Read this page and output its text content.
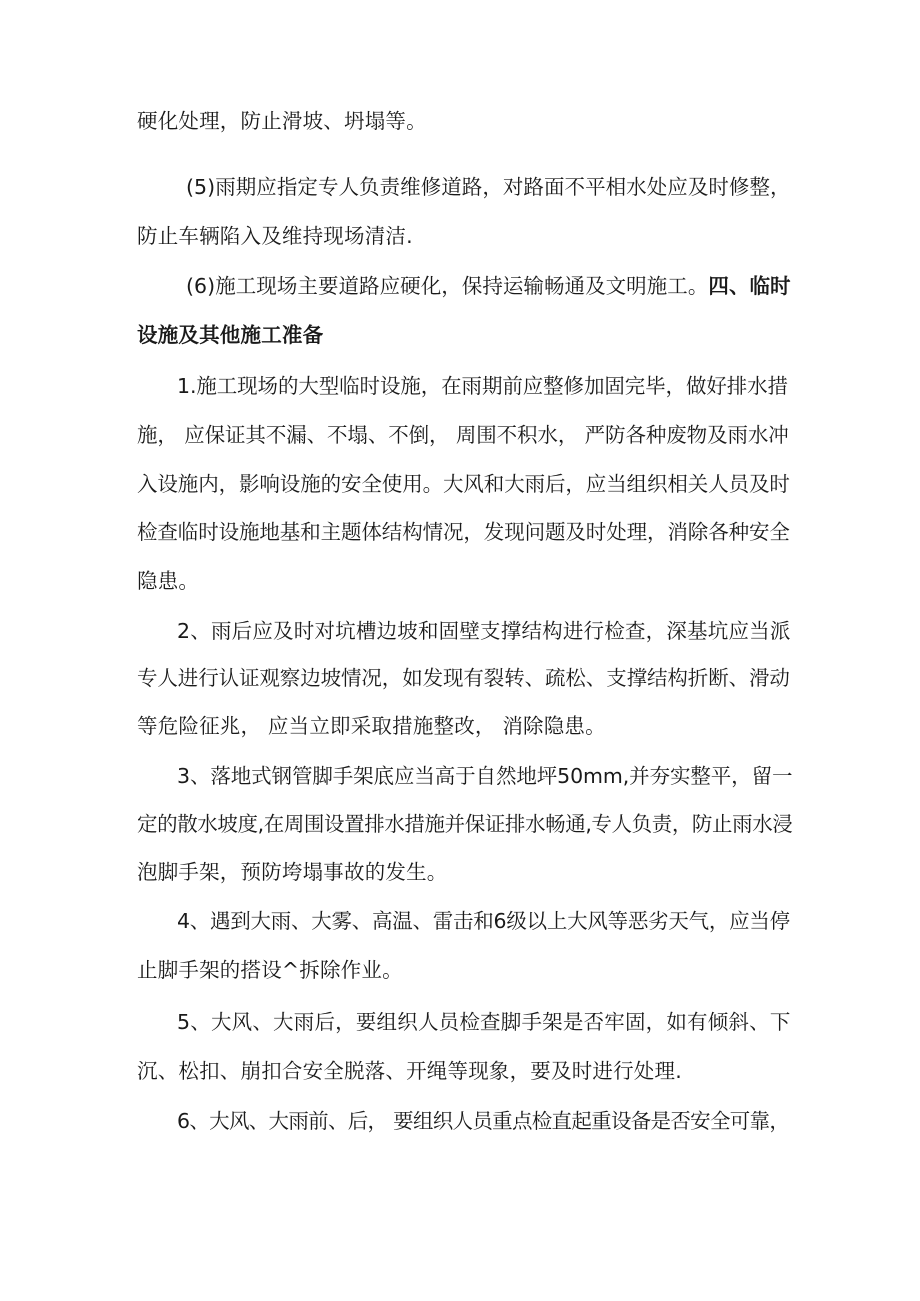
硬化处理，防止滑坡、坍塌等。
(5)雨期应指定专人负责维修道路，对路面不平相水处应及时修整，
防止车辆陷入及维持现场清洁.
(6)施工现场主要道路应硬化，保持运输畅通及文明施工。四、临时
设施及其他施工准备
1.施工现场的大型临时设施，在雨期前应整修加固完毕，做好排水措
施， 应保证其不漏、不塌、不倒， 周围不积水， 严防各种废物及雨水冲
入设施内，影响设施的安全使用。大风和大雨后，应当组织相关人员及时
检查临时设施地基和主题体结构情况，发现问题及时处理，消除各种安全
隐患。
2、雨后应及时对坑槽边坡和固壁支撑结构进行检查，深基坑应当派
专人进行认证观察边坡情况，如发现有裂转、疏松、支撑结构折断、滑动
等危险征兆， 应当立即采取措施整改， 消除隐患。
3、落地式钢管脚手架底应当高于自然地坪50mm,并夯实整平，留一
定的散水坡度,在周围设置排水措施并保证排水畅通,专人负责，防止雨水浸
泡脚手架，预防垮塌事故的发生。
4、遇到大雨、大雾、高温、雷击和6级以上大风等恶劣天气，应当停
止脚手架的搭设^拆除作业。
5、大风、大雨后，要组织人员检查脚手架是否牢固，如有倾斜、下
沉、松扣、崩扣合安全脱落、开绳等现象，要及时进行处理.
6、大风、大雨前、后， 要组织人员重点检直起重设备是否安全可靠，
